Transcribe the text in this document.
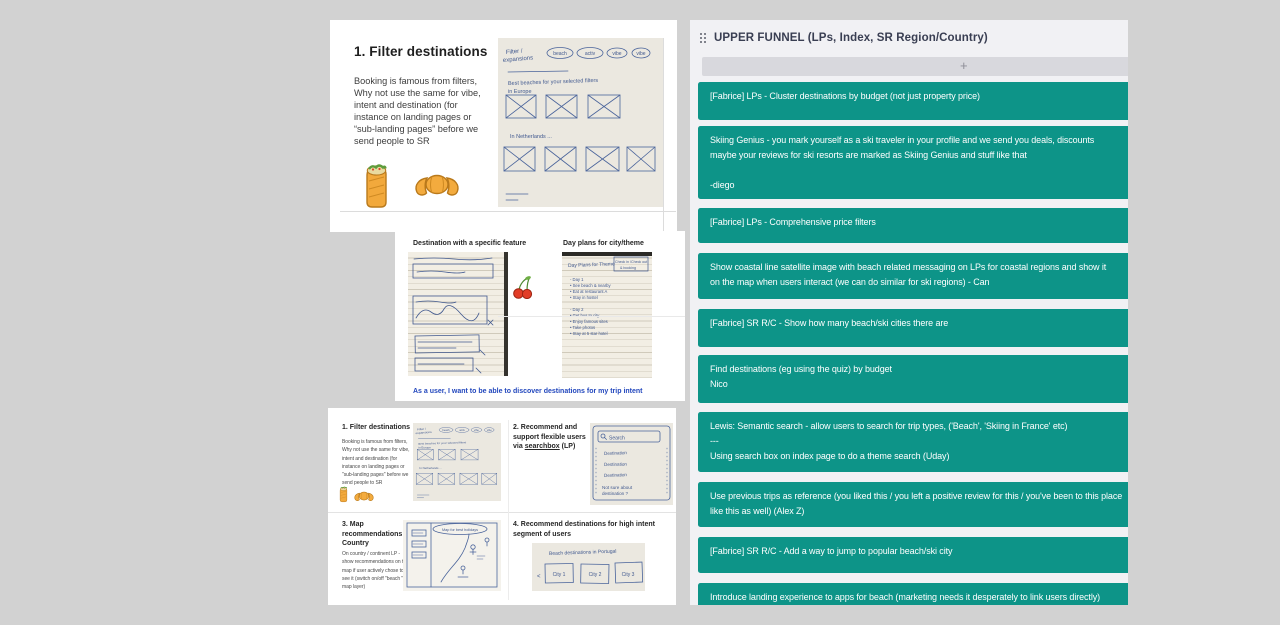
1. Filter destinations
Booking is famous from filters,
Why not use the same for vibe,
intent and destination (for
instance on landing pages or
“sub-landing pages” before we
send people to SR
Filter /
expansions
beach	activ	vibe	vibe
Best beaches for your selected filters
in Europe
In Netherlands ...
Destination with a specific feature	Day plans for city/theme
Day Plans for Theme Check in /Check out
& booking
- Day 1
• See beach & nearby
• Eat at restaurant A
• Stay in hostel
- Day 2
• Enjoy famous sites
• Take photos
• Stay at 5 star hotel
As a user, I want to be able to discover destinations for my trip intent
1. Filter destinations
Booking is famous from filters,
Why not use the same for vibe,
intent and destination (for
instance on landing pages or
"sub-landing pages" before we
send people to SR
2. Recommend and
support flexible users
via searchbox (LP)
Search
Destination
Destination
Destination
Not sure about
destination ?
3. Map
recommendations -
Country
On country / continent LP -
show recommendations on the
map if user actively chose to
see it (switch on/off "beach "
map layer)
Map for best holidays
4. Recommend destinations for high intent
segment of users
Beach destinations in Portugal
< City 1	City 2	City 3
UPPER FUNNEL (LPs, Index, SR Region/Country)
+
[Fabrice] LPs - Cluster destinations by budget (not just property price)
Skiing Genius - you mark yourself as a ski traveler in your profile and we send you deals, discounts
maybe your reviews for ski resorts are marked as Skiing Genius and stuff like that

-diego
[Fabrice] LPs - Comprehensive price filters
Show coastal line satellite image with beach related messaging on LPs for coastal regions and show it
on the map when users interact (we can do similar for ski regions) - Can
[Fabrice] SR R/C - Show how many beach/ski cities there are
Find destinations (eg using the quiz) by budget
Nico
Lewis: Semantic search - allow users to search for trip types, ('Beach', 'Skiing in France' etc)
---
Using search box on index page to do a theme search (Uday)
Use previous trips as reference (you liked this / you left a positive review for this / you've been to this place
like this as well) (Alex Z)
[Fabrice] SR R/C - Add a way to jump to popular beach/ski city
Introduce landing experience to apps for beach (marketing needs it desperately to link users directly)
